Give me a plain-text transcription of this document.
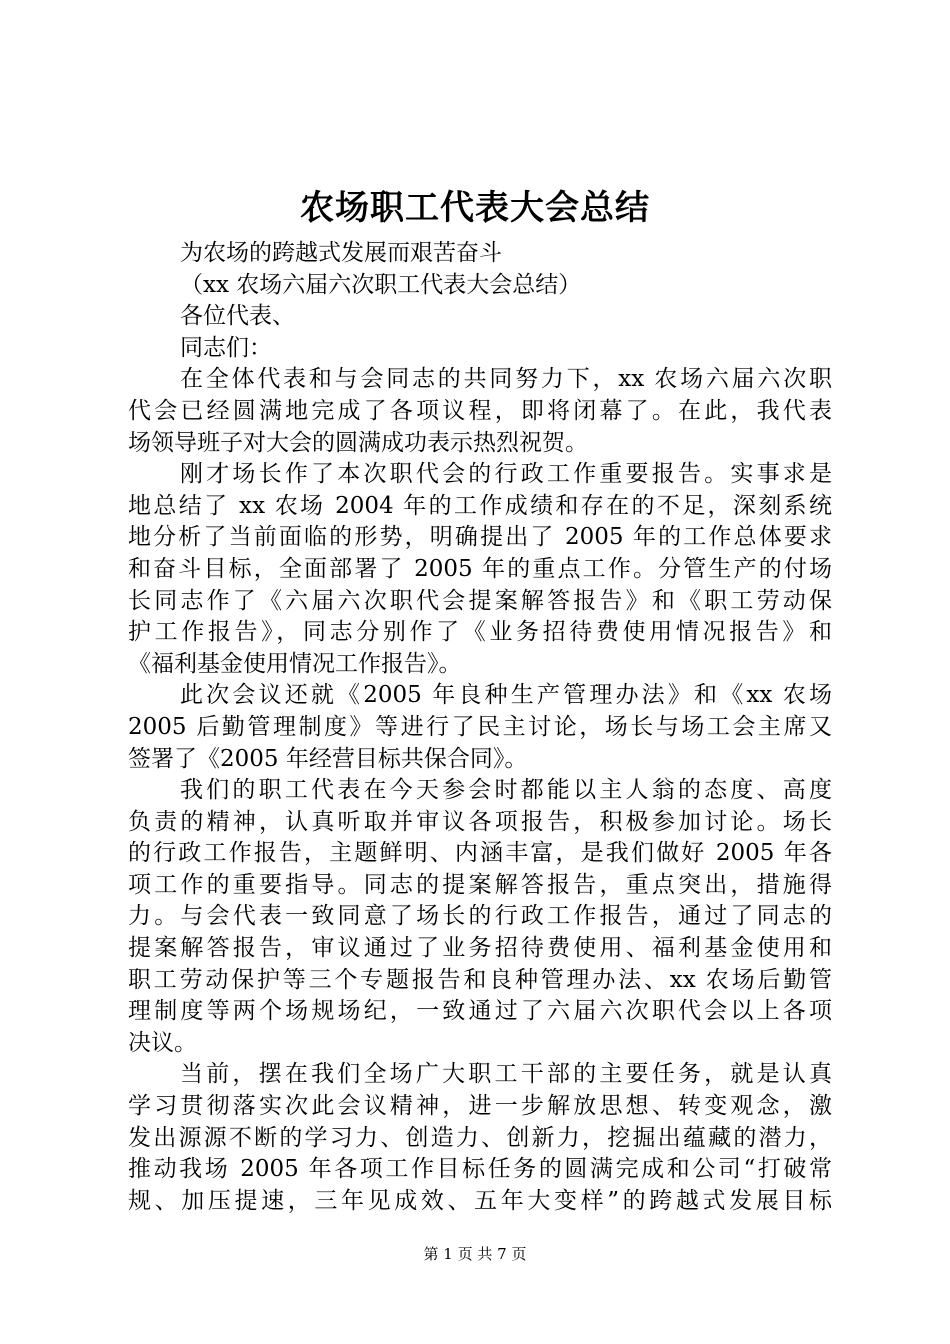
农场职工代表大会总结
为农场的跨越式发展而艰苦奋斗
（xx 农场六届六次职工代表大会总结）
各位代表、
同志们：
在全体代表和与会同志的共同努力下，xx 农场六届六次职
代会已经圆满地完成了各项议程，即将闭幕了。在此，我代表
场领导班子对大会的圆满成功表示热烈祝贺。
刚才场长作了本次职代会的行政工作重要报告。实事求是
地总结了 xx 农场 2004 年的工作成绩和存在的不足，深刻系统
地分析了当前面临的形势，明确提出了 2005 年的工作总体要求
和奋斗目标，全面部署了 2005 年的重点工作。分管生产的付场
长同志作了《六届六次职代会提案解答报告》和《职工劳动保
护工作报告》，同志分别作了《业务招待费使用情况报告》和
《福利基金使用情况工作报告》。
此次会议还就《2005 年良种生产管理办法》和《xx 农场
2005 后勤管理制度》等进行了民主讨论，场长与场工会主席又
签署了《2005 年经营目标共保合同》。
我们的职工代表在今天参会时都能以主人翁的态度、高度
负责的精神，认真听取并审议各项报告，积极参加讨论。场长
的行政工作报告，主题鲜明、内涵丰富，是我们做好 2005 年各
项工作的重要指导。同志的提案解答报告，重点突出，措施得
力。与会代表一致同意了场长的行政工作报告，通过了同志的
提案解答报告，审议通过了业务招待费使用、福利基金使用和
职工劳动保护等三个专题报告和良种管理办法、xx 农场后勤管
理制度等两个场规场纪，一致通过了六届六次职代会以上各项
决议。
当前，摆在我们全场广大职工干部的主要任务，就是认真
学习贯彻落实次此会议精神，进一步解放思想、转变观念，激
发出源源不断的学习力、创造力、创新力，挖掘出蕴藏的潜力，
推动我场 2005 年各项工作目标任务的圆满完成和公司“打破常
规、加压提速，三年见成效、五年大变样”的跨越式发展目标
第 1 页 共 7 页
